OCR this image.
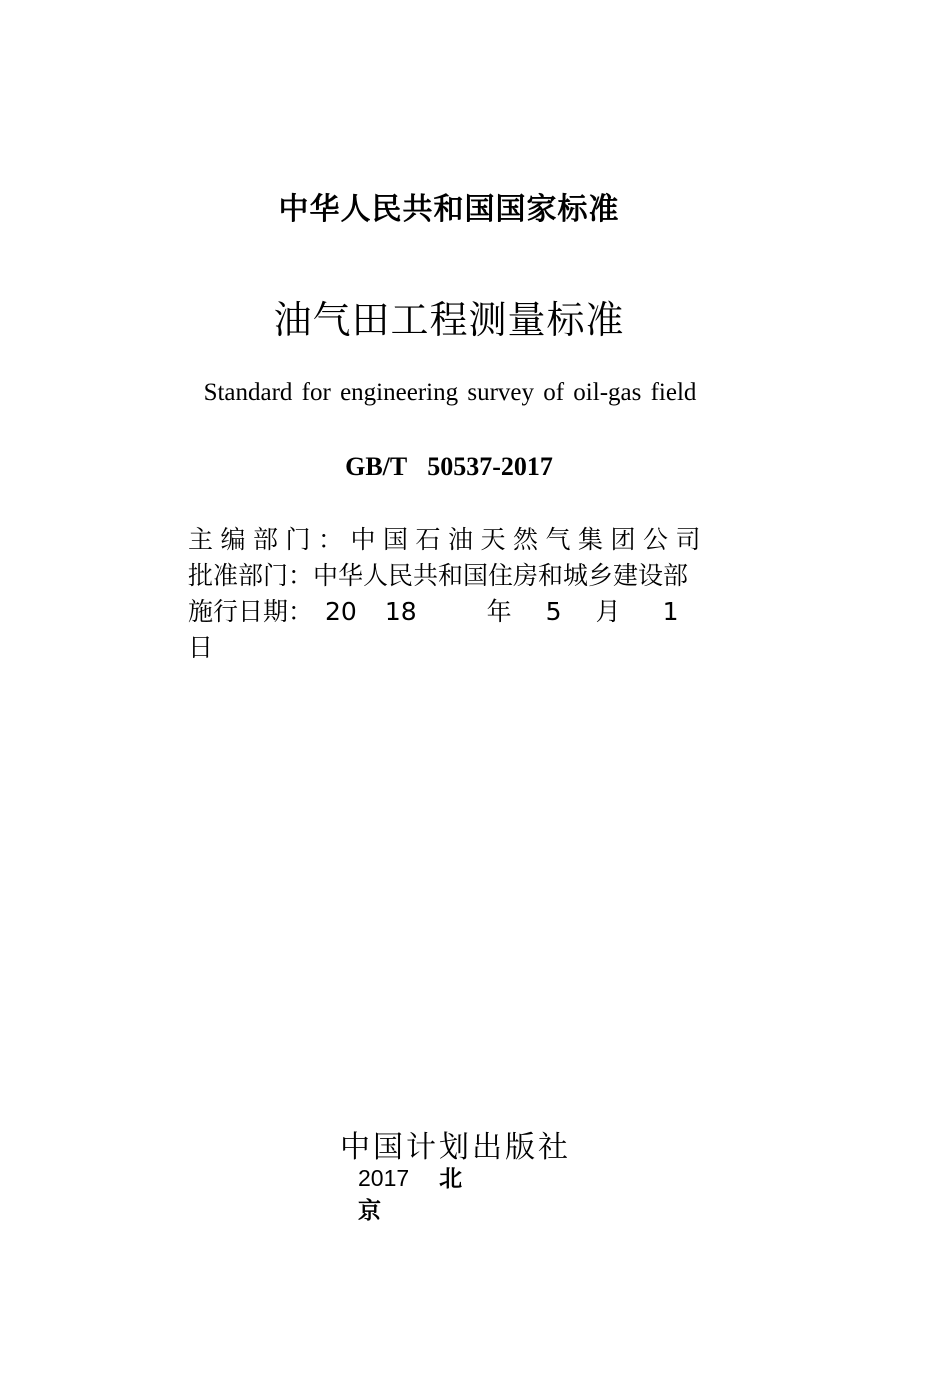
中华人民共和国国家标准
油气田工程测量标准
Standard for engineering survey of oil-gas field
GB/T 50537-2017
主编部门：中国石油天然气集团公司
批准部门：中华人民共和国住房和城乡建设部
施行日期： 20 18	年 5 月 1
日
中国计划出版社
2017 北
京
